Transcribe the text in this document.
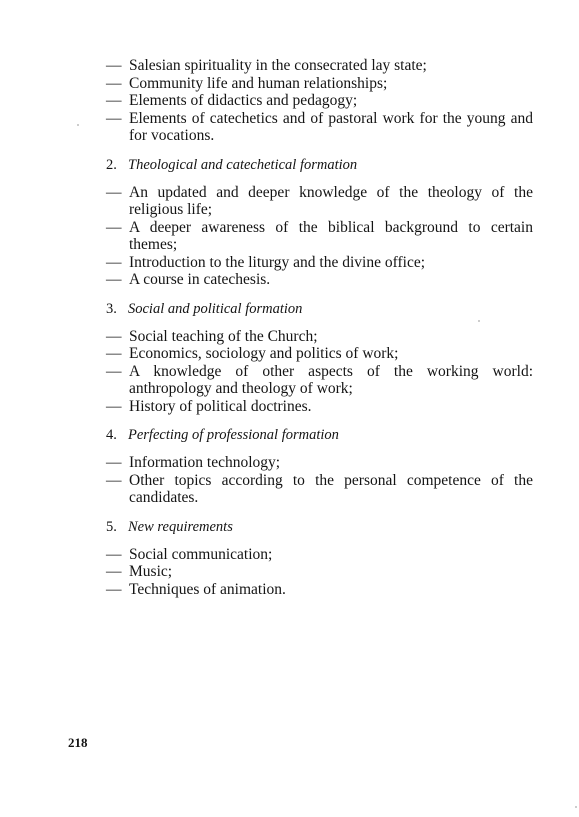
— Salesian spirituality in the consecrated lay state;
— Community life and human relationships;
— Elements of didactics and pedagogy;
— Elements of catechetics and of pastoral work for the young and for vocations.
2. Theological and catechetical formation
— An updated and deeper knowledge of the theology of the religious life;
— A deeper awareness of the biblical background to certain themes;
— Introduction to the liturgy and the divine office;
— A course in catechesis.
3. Social and political formation
— Social teaching of the Church;
— Economics, sociology and politics of work;
— A knowledge of other aspects of the working world: anthropology and theology of work;
— History of political doctrines.
4. Perfecting of professional formation
— Information technology;
— Other topics according to the personal competence of the candidates.
5. New requirements
— Social communication;
— Music;
— Techniques of animation.
218
